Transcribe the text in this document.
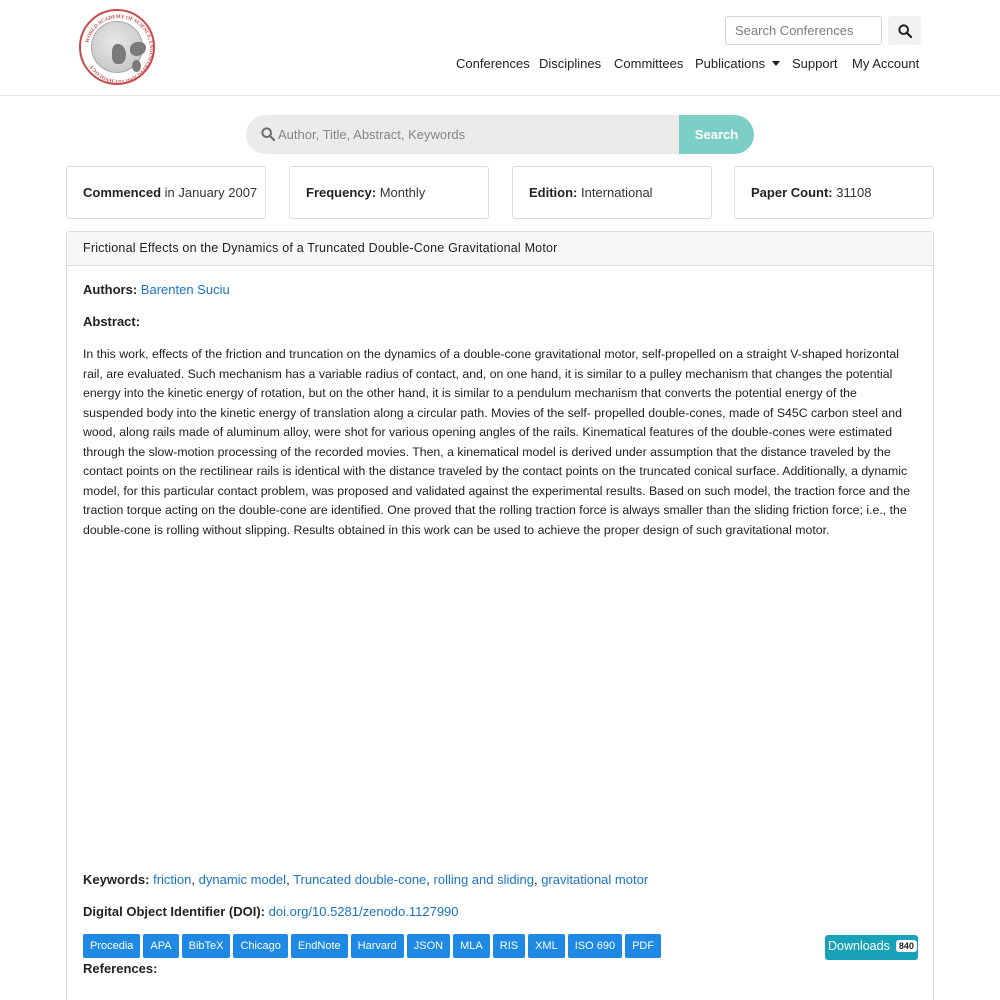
WORLD ACADEMY OF SCIENCE, ENGINEERING AND TECHNOLOGY
Search Conferences	Conferences Disciplines Committees Publications	Support My Account
Author, Title, Abstract, Keywords
Search
Commenced in January 2007	Frequency: Monthly	Edition: International	Paper Count: 31108
Frictional Effects on the Dynamics of a Truncated Double-Cone Gravitational Motor
Authors: Barenten Suciu
Abstract:
In this work, effects of the friction and truncation on the dynamics of a double-cone gravitational motor, self-propelled on a straight V-shaped horizontal rail, are evaluated. Such mechanism has a variable radius of contact, and, on one hand, it is similar to a pulley mechanism that changes the potential energy into the kinetic energy of rotation, but on the other hand, it is similar to a pendulum mechanism that converts the potential energy of the suspended body into the kinetic energy of translation along a circular path. Movies of the self- propelled double-cones, made of S45C carbon steel and wood, along rails made of aluminum alloy, were shot for various opening angles of the rails. Kinematical features of the double-cones were estimated through the slow-motion processing of the recorded movies. Then, a kinematical model is derived under assumption that the distance traveled by the contact points on the rectilinear rails is identical with the distance traveled by the contact points on the truncated conical surface. Additionally, a dynamic model, for this particular contact problem, was proposed and validated against the experimental results. Based on such model, the traction force and the traction torque acting on the double-cone are identified. One proved that the rolling traction force is always smaller than the sliding friction force; i.e., the double-cone is rolling without slipping. Results obtained in this work can be used to achieve the proper design of such gravitational motor.
Keywords: friction, dynamic model, Truncated double-cone, rolling and sliding, gravitational motor
Digital Object Identifier (DOI): doi.org/10.5281/zenodo.1127990
Procedia	APA	BibTeX	Chicago	EndNote	Harvard	JSON	MLA	RIS	XML	ISO 690	PDF	Downloads 840
References:
